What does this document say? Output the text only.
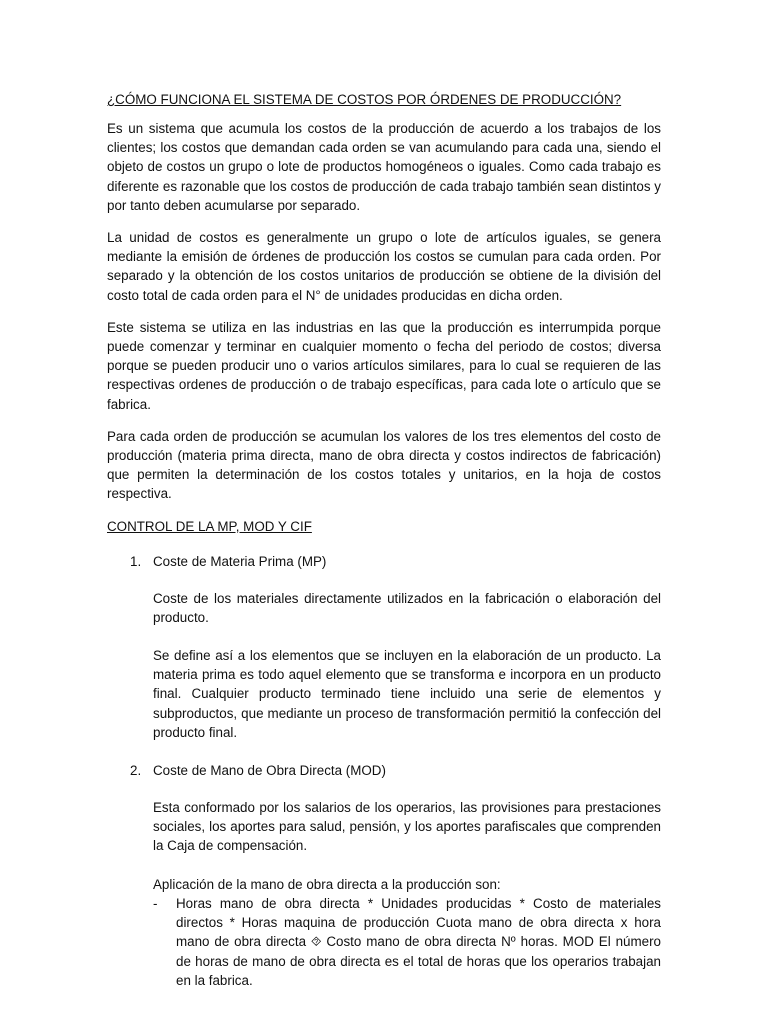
¿CÓMO FUNCIONA EL SISTEMA DE COSTOS POR ÓRDENES DE PRODUCCIÓN?

Es un sistema que acumula los costos de la producción de acuerdo a los trabajos de los clientes; los costos que demandan cada orden se van acumulando para cada una, siendo el objeto de costos un grupo o lote de productos homogéneos o iguales. Como cada trabajo es diferente es razonable que los costos de producción de cada trabajo también sean distintos y por tanto deben acumularse por separado.

La unidad de costos es generalmente un grupo o lote de artículos iguales, se genera mediante la emisión de órdenes de producción los costos se cumulan para cada orden. Por separado y la obtención de los costos unitarios de producción se obtiene de la división del costo total de cada orden para el N° de unidades producidas en dicha orden.

Este sistema se utiliza en las industrias en las que la producción es interrumpida porque puede comenzar y terminar en cualquier momento o fecha del periodo de costos; diversa porque se pueden producir uno o varios artículos similares, para lo cual se requieren de las respectivas ordenes de producción o de trabajo específicas, para cada lote o artículo que se fabrica.

Para cada orden de producción se acumulan los valores de los tres elementos del costo de producción (materia prima directa, mano de obra directa y costos indirectos de fabricación) que permiten la determinación de los costos totales y unitarios, en la hoja de costos respectiva.

CONTROL DE LA MP, MOD Y CIF

1. Coste de Materia Prima (MP)

Coste de los materiales directamente utilizados en la fabricación o elaboración del producto.

Se define así a los elementos que se incluyen en la elaboración de un producto. La materia prima es todo aquel elemento que se transforma e incorpora en un producto final. Cualquier producto terminado tiene incluido una serie de elementos y subproductos, que mediante un proceso de transformación permitió la confección del producto final.

2. Coste de Mano de Obra Directa (MOD)

Esta conformado por los salarios de los operarios, las provisiones para prestaciones sociales, los aportes para salud, pensión, y los aportes parafiscales que comprenden la Caja de compensación.

Aplicación de la mano de obra directa a la producción son:
-	Horas mano de obra directa * Unidades producidas * Costo de materiales directos * Horas maquina de producción Cuota mano de obra directa x hora mano de obra directa ⯑ Costo mano de obra directa Nº horas. MOD El número de horas de mano de obra directa es el total de horas que los operarios trabajan en la fabrica.
